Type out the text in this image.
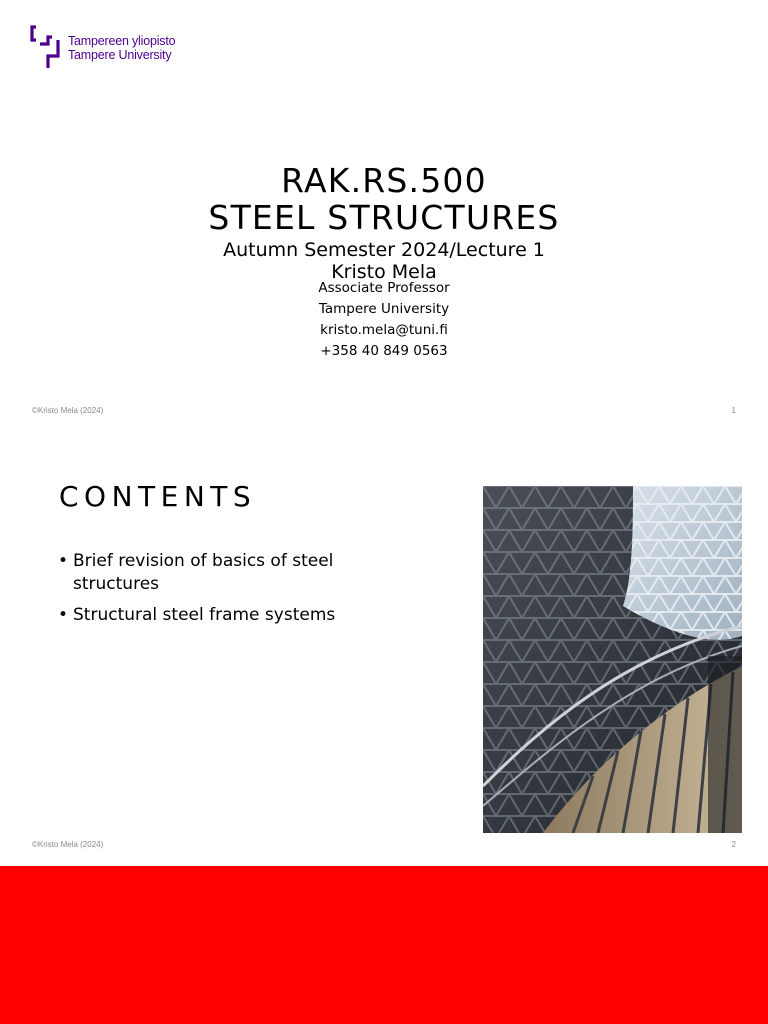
Tampereen yliopisto
Tampere University
RAK.RS.500
STEEL STRUCTURES
Autumn Semester 2024/Lecture 1
Kristo Mela
Associate Professor
Tampere University
kristo.mela@tuni.fi
+358 40 849 0563
©Kristo Mela (2024)	1
CONTENTS
• Brief revision of basics of steel structures
• Structural steel frame systems
©Kristo Mela (2024)	2
